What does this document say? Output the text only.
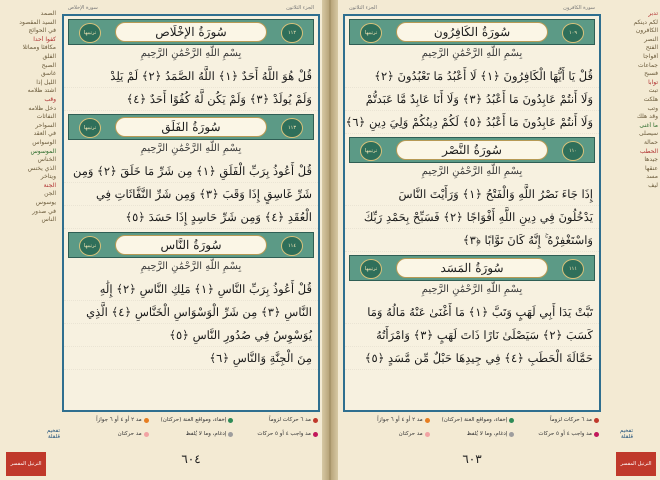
الصمد
السيد المقصود
في الحوائج
كفوا أحدا
مكافئا ومماثلا
الفلق
الصبح
غاسق
الليل إذا
اشتد ظلامه
وقب
دخل ظلامه
النفاثات
السواحر
في العقد
الوسواس
الموسوس
الخناس
الذي يخنس
ويتأخر
الجنة
الجن
يوسوس
في صدور
الناس
تدبر
لكم دينكم
الكافرون
النصر
الفتح
أفواجا
جماعات
فسبح
توابا
تبت
هلكت
وتب
وقد هلك
ما أغنى
سيصلى
حمالة
الحطب
جيدها
عنقها
مسد
ليف
الجزء الثلاثون
سورة الإخلاص
ترتيبها	سُورَةُ الإخْلَاص	١١٢
بِسْمِ اللَّهِ الرَّحْمَٰنِ الرَّحِيمِ
قُلْ هُوَ اللَّهُ أَحَدٌ ﴿١﴾ اللَّهُ الصَّمَدُ ﴿٢﴾ لَمْ يَلِدْ
وَلَمْ يُولَدْ ﴿٣﴾ وَلَمْ يَكُن لَّهُ كُفُوًا أَحَدٌ ﴿٤﴾
ترتيبها	سُورَةُ الفَلَق	١١٣
بِسْمِ اللَّهِ الرَّحْمَٰنِ الرَّحِيمِ
قُلْ أَعُوذُ بِرَبِّ الْفَلَقِ ﴿١﴾ مِن شَرِّ مَا خَلَقَ ﴿٢﴾ وَمِن
شَرِّ غَاسِقٍ إِذَا وَقَبَ ﴿٣﴾ وَمِن شَرِّ النَّفَّاثَاتِ فِي
الْعُقَدِ ﴿٤﴾ وَمِن شَرِّ حَاسِدٍ إِذَا حَسَدَ ﴿٥﴾
ترتيبها	سُورَةُ النَّاس	١١٤
بِسْمِ اللَّهِ الرَّحْمَٰنِ الرَّحِيمِ
قُلْ أَعُوذُ بِرَبِّ النَّاسِ ﴿١﴾ مَلِكِ النَّاسِ ﴿٢﴾ إِلَٰهِ
النَّاسِ ﴿٣﴾ مِن شَرِّ الْوَسْوَاسِ الْخَنَّاسِ ﴿٤﴾ الَّذِي
يُوَسْوِسُ فِي صُدُورِ النَّاسِ ﴿٥﴾
مِنَ الْجِنَّةِ وَالنَّاسِ ﴿٦﴾
مد ٦ حركات لزوماً
إخفاء، ومواقع الغنة (حركتان)
مد ٢ أو ٤ أو ٦ جوازاً
مد واجب ٤ أو ٥ حركات
إدغام، وما لا يُلفظ
مد حركتان
٦٠٤
تفخيم
قلقلة
سورة الكافرون
الجزء الثلاثون
ترتيبها	سُورَةُ الكَافِرُون	١٠٩
بِسْمِ اللَّهِ الرَّحْمَٰنِ الرَّحِيمِ
قُلْ يَا أَيُّهَا الْكَافِرُونَ ﴿١﴾ لَا أَعْبُدُ مَا تَعْبُدُونَ ﴿٢﴾
وَلَا أَنتُمْ عَابِدُونَ مَا أَعْبُدُ ﴿٣﴾ وَلَا أَنَا عَابِدٌ مَّا عَبَدتُّمْ
وَلَا أَنتُمْ عَابِدُونَ مَا أَعْبُدُ ﴿٥﴾ لَكُمْ دِينُكُمْ وَلِيَ دِينِ ﴿٦﴾
ترتيبها	سُورَةُ النَّصْر	١١٠
بِسْمِ اللَّهِ الرَّحْمَٰنِ الرَّحِيمِ
إِذَا جَاءَ نَصْرُ اللَّهِ وَالْفَتْحُ ﴿١﴾ وَرَأَيْتَ النَّاسَ
يَدْخُلُونَ فِي دِينِ اللَّهِ أَفْوَاجًا ﴿٢﴾ فَسَبِّحْ بِحَمْدِ رَبِّكَ
وَاسْتَغْفِرْهُ ۚ إِنَّهُ كَانَ تَوَّابًا ﴿٣﴾
ترتيبها	سُورَةُ المَسَد	١١١
بِسْمِ اللَّهِ الرَّحْمَٰنِ الرَّحِيمِ
تَبَّتْ يَدَا أَبِي لَهَبٍ وَتَبَّ ﴿١﴾ مَا أَغْنَىٰ عَنْهُ مَالُهُ وَمَا
كَسَبَ ﴿٢﴾ سَيَصْلَىٰ نَارًا ذَاتَ لَهَبٍ ﴿٣﴾ وَامْرَأَتُهُ
حَمَّالَةَ الْحَطَبِ ﴿٤﴾ فِي جِيدِهَا حَبْلٌ مِّن مَّسَدٍ ﴿٥﴾
مد ٦ حركات لزوماً
إخفاء، ومواقع الغنة (حركتان)
مد ٢ أو ٤ أو ٦ جوازاً
مد واجب ٤ أو ٥ حركات
إدغام، وما لا يُلفظ
مد حركتان
٦٠٣
تفخيم
قلقلة
الترتيل المفسر	الترتيل المفسر
